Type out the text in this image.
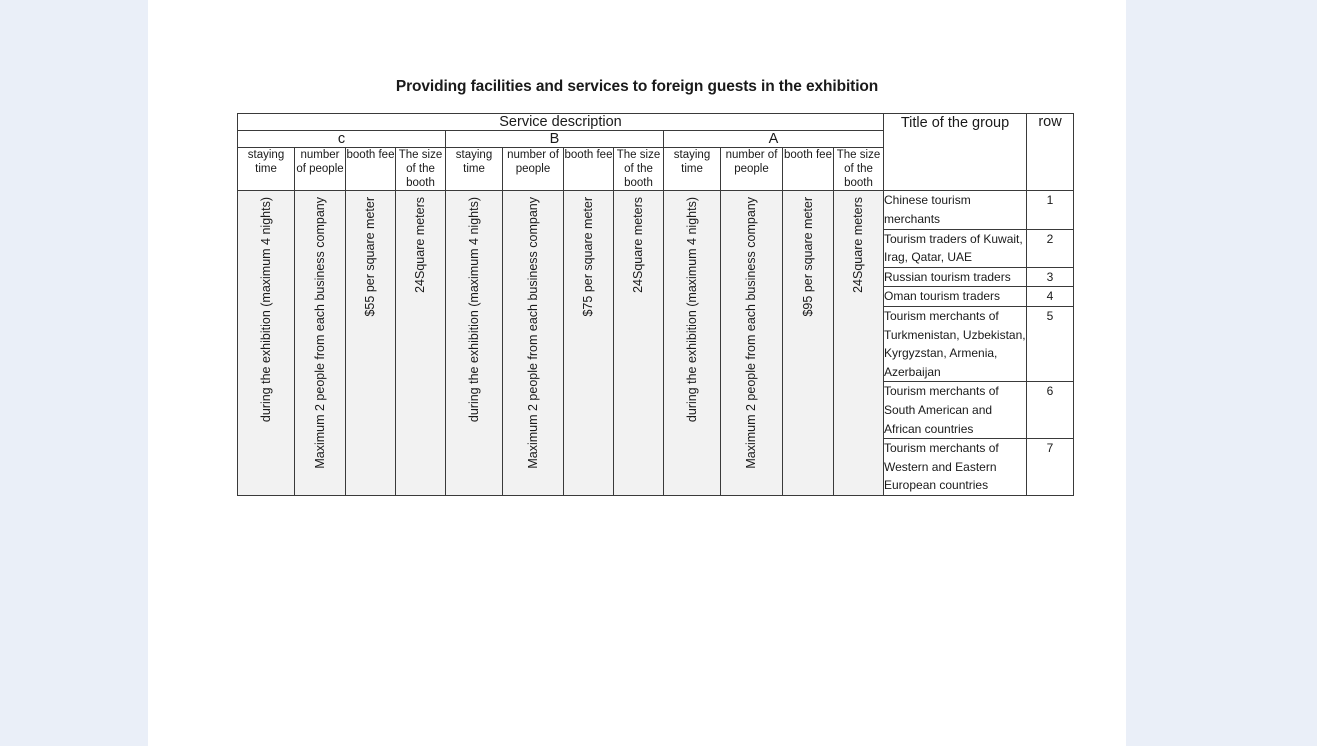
Providing facilities and services to foreign guests in the exhibition
Service description												Title of the group	row
c				B				A					
staying time	number of people	booth fee	The size of the booth	staying time	number of people	booth fee	The size of the booth	staying time	number of people	booth fee	The size of the booth		

during the exhibition (maximum 4 nights)	Maximum 2 people from each business company	$55 per square meter	24Square meters	during the exhibition (maximum 4 nights)	Maximum 2 people from each business company	$75 per square meter	24Square meters	during the exhibition (maximum 4 nights)	Maximum 2 people from each business company	$95 per square meter	24Square meters	Chinese tourism merchants	1
												Tourism traders of Kuwait, Irag, Qatar, UAE	2
												Russian tourism traders	3
												Oman tourism traders	4
												Tourism merchants of Turkmenistan, Uzbekistan, Kyrgyzstan, Armenia, Azerbaijan	5
												Tourism merchants of South American and African countries	6
												Tourism merchants of Western and Eastern European countries	7
